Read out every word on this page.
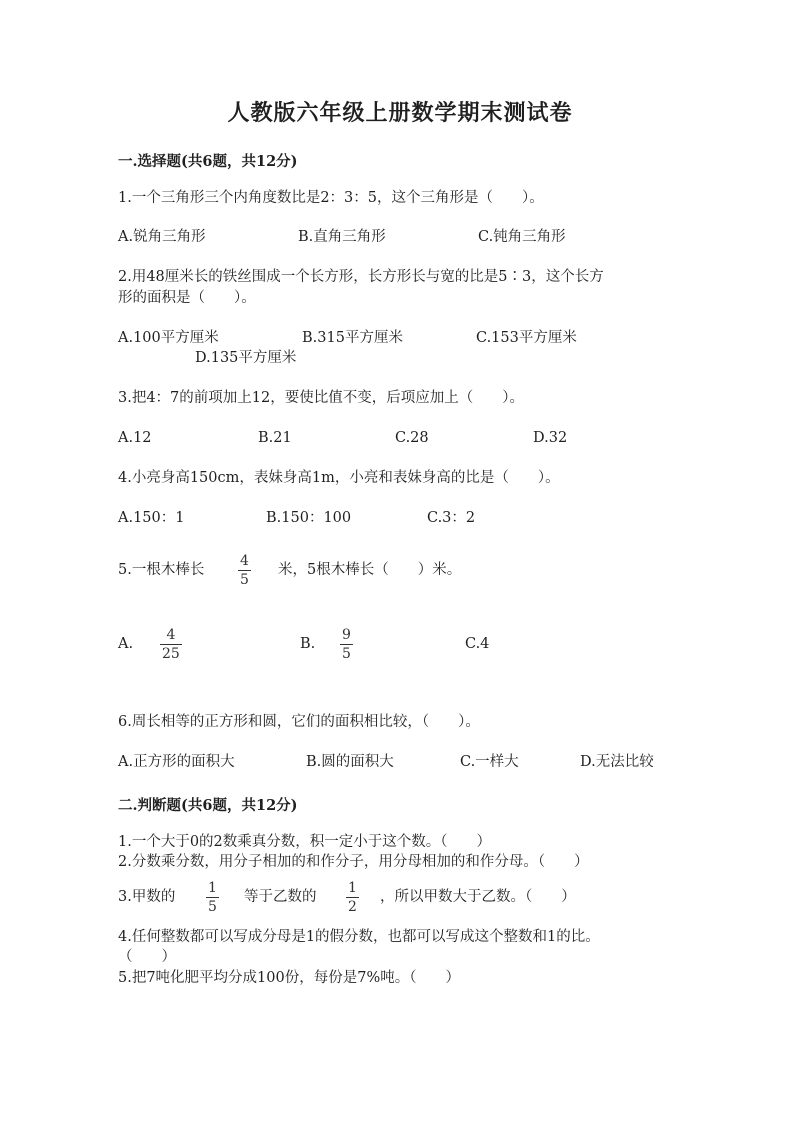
人教版六年级上册数学期末测试卷
一.选择题(共6题，共12分)
1.一个三角形三个内角度数比是2：3：5，这个三角形是（　　）。
A.锐角三角形	B.直角三角形	C.钝角三角形
2.用48厘米长的铁丝围成一个长方形，长方形长与宽的比是5∶3，这个长方
形的面积是（　　）。
A.100平方厘米	B.315平方厘米	C.153平方厘米
D.135平方厘米
3.把4：7的前项加上12，要使比值不变，后项应加上（　　）。
A.12	B.21	C.28	D.32
4.小亮身高150cm，表妹身高1m，小亮和表妹身高的比是（　　）。
A.150：1	B.150：100	C.3：2
5.一根木棒长
4
5
米，5根木棒长（　　）米。
A.
4
25
B.
9
5
C.4
6.周长相等的正方形和圆，它们的面积相比较，（　　）。
A.正方形的面积大	B.圆的面积大	C.一样大	D.无法比较
二.判断题(共6题，共12分)
1.一个大于0的2数乘真分数，积一定小于这个数。（　　）
2.分数乘分数，用分子相加的和作分子，用分母相加的和作分母。（　　）
3.甲数的
1
5
等于乙数的
1
2
，所以甲数大于乙数。（　　）
4.任何整数都可以写成分母是1的假分数，也都可以写成这个整数和1的比。
（　　）
5.把7吨化肥平均分成100份，每份是7%吨。（　　）
